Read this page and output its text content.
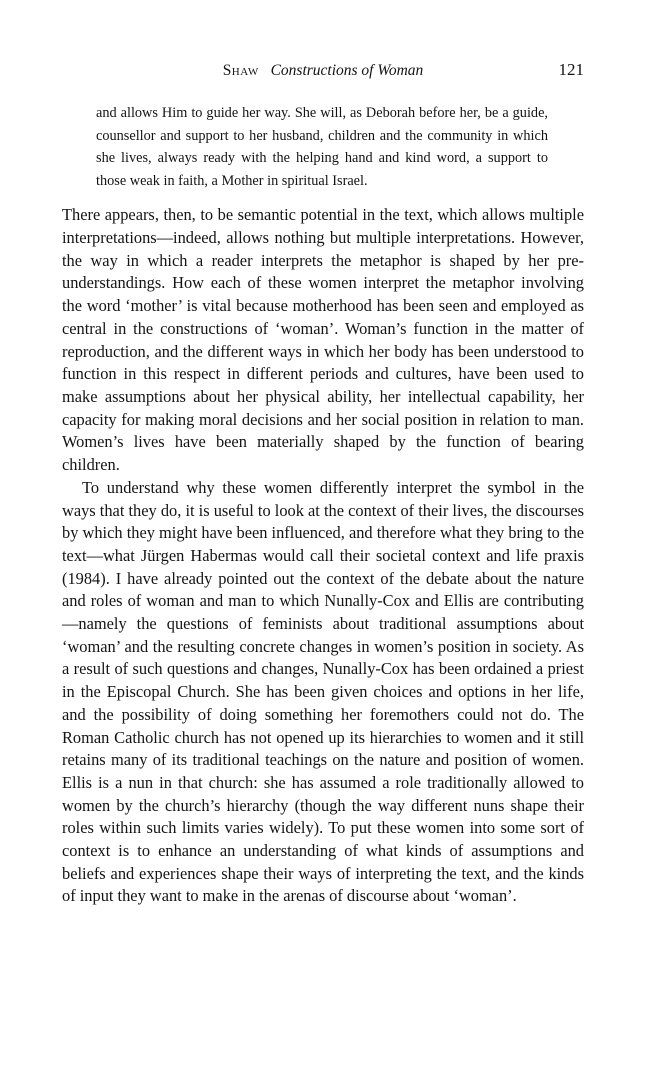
Shaw Constructions of Woman	121
and allows Him to guide her way. She will, as Deborah before her, be a guide, counsellor and support to her husband, children and the community in which she lives, always ready with the helping hand and kind word, a support to those weak in faith, a Mother in spiritual Israel.

There appears, then, to be semantic potential in the text, which allows multiple interpretations—indeed, allows nothing but multiple interpretations. However, the way in which a reader interprets the metaphor is shaped by her pre-understandings. How each of these women interpret the metaphor involving the word ‘mother’ is vital because motherhood has been seen and employed as central in the constructions of ‘woman’. Woman’s function in the matter of reproduction, and the different ways in which her body has been understood to function in this respect in different periods and cultures, have been used to make assumptions about her physical ability, her intellectual capability, her capacity for making moral decisions and her social position in relation to man. Women’s lives have been materially shaped by the function of bearing children.

To understand why these women differently interpret the symbol in the ways that they do, it is useful to look at the context of their lives, the discourses by which they might have been influenced, and therefore what they bring to the text—what Jürgen Habermas would call their societal context and life praxis (1984). I have already pointed out the context of the debate about the nature and roles of woman and man to which Nunally-Cox and Ellis are contributing—namely the questions of feminists about traditional assumptions about ‘woman’ and the resulting concrete changes in women’s position in society. As a result of such questions and changes, Nunally-Cox has been ordained a priest in the Episcopal Church. She has been given choices and options in her life, and the possibility of doing something her foremothers could not do. The Roman Catholic church has not opened up its hierarchies to women and it still retains many of its traditional teachings on the nature and position of women. Ellis is a nun in that church: she has assumed a role traditionally allowed to women by the church’s hierarchy (though the way different nuns shape their roles within such limits varies widely). To put these women into some sort of context is to enhance an understanding of what kinds of assumptions and beliefs and experiences shape their ways of interpreting the text, and the kinds of input they want to make in the arenas of discourse about ‘woman’.
